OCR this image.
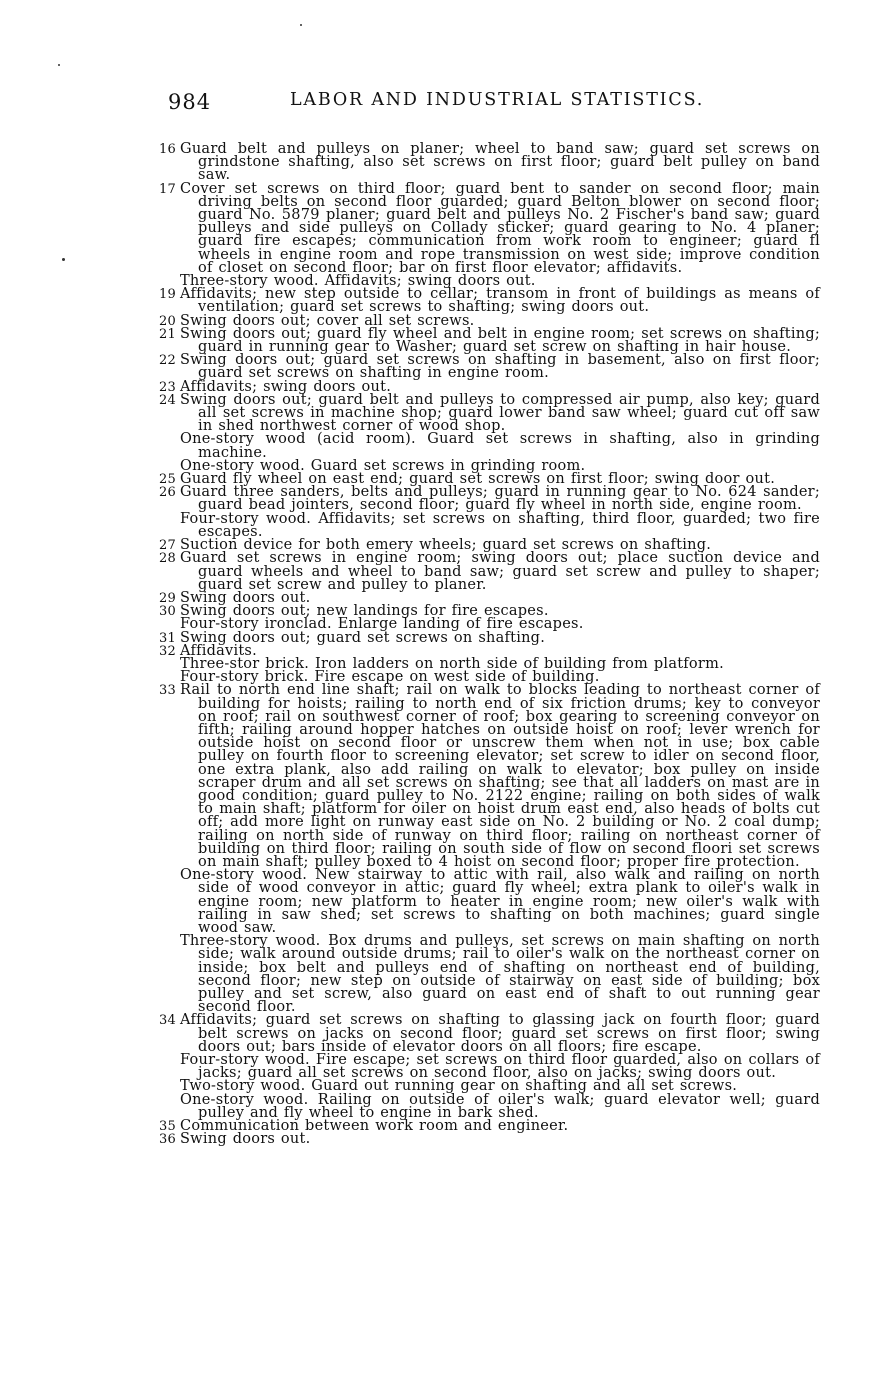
984	LABOR AND INDUSTRIAL STATISTICS.
16 Guard belt and pulleys on planer; wheel to band saw; guard set screws on grindstone shafting, also set screws on first floor; guard belt pulley on band saw.
17 Cover set screws on third floor; guard bent to sander on second floor; main driving belts on second floor guarded; guard Belton blower on second floor; guard No. 5879 planer; guard belt and pulleys No. 2 Fischer's band saw; guard pulleys and side pulleys on Collady sticker; guard gearing to No. 4 planer; guard fire escapes; communication from work room to engineer; guard fl wheels in engine room and rope transmission on west side; improve condition of closet on second floor; bar on first floor elevator; affidavits.
Three-story wood. Affidavits; swing doors out.
19 Affidavits; new step outside to cellar; transom in front of buildings as means of ventilation; guard set screws to shafting; swing doors out.
20 Swing doors out; cover all set screws.
21 Swing doors out; guard fly wheel and belt in engine room; set screws on shafting; guard in running gear to Washer; guard set screw on shafting in hair house.
22 Swing doors out; guard set screws on shafting in basement, also on first floor; guard set screws on shafting in engine room.
23 Affidavits; swing doors out.
24 Swing doors out; guard belt and pulleys to compressed air pump, also key; guard all set screws in machine shop; guard lower band saw wheel; guard cut off saw in shed northwest corner of wood shop.
One-story wood (acid room). Guard set screws in shafting, also in grinding machine.
One-story wood. Guard set screws in grinding room.
25 Guard fly wheel on east end; guard set screws on first floor; swing door out.
26 Guard three sanders, belts and pulleys; guard in running gear to No. 624 sander; guard bead jointers, second floor; guard fly wheel in north side, engine room.
Four-story wood. Affidavits; set screws on shafting, third floor, guarded; two fire escapes.
27 Suction device for both emery wheels; guard set screws on shafting.
28 Guard set screws in engine room; swing doors out; place suction device and guard wheels and wheel to band saw; guard set screw and pulley to shaper; guard set screw and pulley to planer.
29 Swing doors out.
30 Swing doors out; new landings for fire escapes.
Four-story ironclad. Enlarge landing of fire escapes.
31 Swing doors out; guard set screws on shafting.
32 Affidavits.
Three-stor brick. Iron ladders on north side of building from platform.
Four-story brick. Fire escape on west side of building.
33 Rail to north end line shaft; rail on walk to blocks leading to northeast corner of building for hoists; railing to north end of six friction drums; key to conveyor on roof; rail on southwest corner of roof; box gearing to screening conveyor on fifth; railing around hopper hatches on outside hoist on roof; lever wrench for outside hoist on second floor or unscrew them when not in use; box cable pulley on fourth floor to screening elevator; set screw to idler on second floor, one extra plank, also add railing on walk to elevator; box pulley on inside scraper drum and all set screws on shafting; see that all ladders on mast are in good condition; guard pulley to No. 2122 engine; railing on both sides of walk to main shaft; platform for oiler on hoist drum east end, also heads of bolts cut off; add more light on runway east side on No. 2 building or No. 2 coal dump; railing on north side of runway on third floor; railing on northeast corner of building on third floor; railing on south side of flow on second floori set screws on main shaft; pulley boxed to 4 hoist on second floor; proper fire protection.
One-story wood. New stairway to attic with rail, also walk and railing on north side of wood conveyor in attic; guard fly wheel; extra plank to oiler's walk in engine room; new platform to heater in engine room; new oiler's walk with railing in saw shed; set screws to shafting on both machines; guard single wood saw.
Three-story wood. Box drums and pulleys, set screws on main shafting on north side; walk around outside drums; rail to oiler's walk on the northeast corner on inside; box belt and pulleys end of shafting on northeast end of building, second floor; new step on outside of stairway on east side of building; box pulley and set screw, also guard on east end of shaft to out running gear second floor.
34 Affidavits; guard set screws on shafting to glassing jack on fourth floor; guard belt screws on jacks on second floor; guard set screws on first floor; swing doors out; bars inside of elevator doors on all floors; fire escape.
Four-story wood. Fire escape; set screws on third floor guarded, also on collars of jacks; guard all set screws on second floor, also on jacks; swing doors out.
Two-story wood. Guard out running gear on shafting and all set screws.
One-story wood. Railing on outside of oiler's walk; guard elevator well; guard pulley and fly wheel to engine in bark shed.
35 Communication between work room and engineer.
36 Swing doors out.
